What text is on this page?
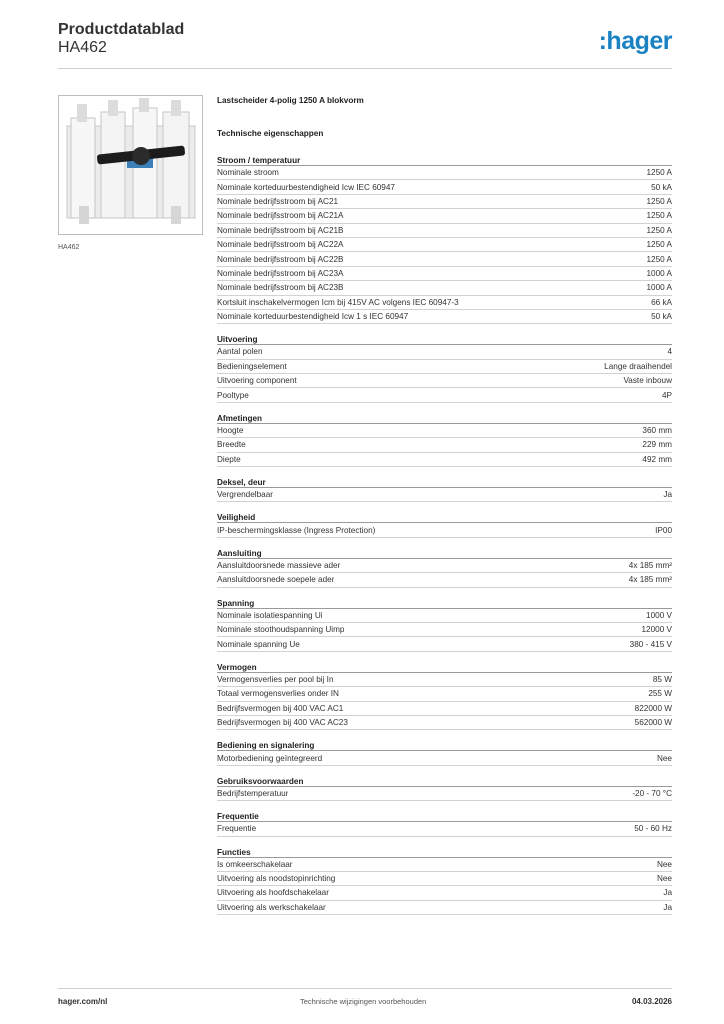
Productdatablad
HA462	:hager
HA462
Lastscheider 4-polig 1250 A blokvorm
Technische eigenschappen
Stroom / temperatuur
Nominale stroom	1250 A
Nominale korteduurbestendigheid Icw IEC 60947	50 kA
Nominale bedrijfsstroom bij AC21	1250 A
Nominale bedrijfsstroom bij AC21A	1250 A
Nominale bedrijfsstroom bij AC21B	1250 A
Nominale bedrijfsstroom bij AC22A	1250 A
Nominale bedrijfsstroom bij AC22B	1250 A
Nominale bedrijfsstroom bij AC23A	1000 A
Nominale bedrijfsstroom bij AC23B	1000 A
Kortsluit inschakelvermogen Icm bij 415V AC volgens IEC 60947-3	66 kA
Nominale korteduurbestendigheid Icw 1 s IEC 60947	50 kA
Uitvoering
Aantal polen	4
Bedieningselement	Lange draaihendel
Uitvoering component	Vaste inbouw
Pooltype	4P
Afmetingen
Hoogte	360 mm
Breedte	229 mm
Diepte	492 mm
Deksel, deur
Vergrendelbaar	Ja
Veiligheid
IP-beschermingsklasse (Ingress Protection)	IP00
Aansluiting
Aansluitdoorsnede massieve ader	4x 185 mm²
Aansluitdoorsnede soepele ader	4x 185 mm²
Spanning
Nominale isolatiespanning Ui	1000 V
Nominale stoothoudspanning Uimp	12000 V
Nominale spanning Ue	380 - 415 V
Vermogen
Vermogensverlies per pool bij In	85 W
Totaal vermogensverlies onder IN	255 W
Bedrijfsvermogen bij 400 VAC AC1	822000 W
Bedrijfsvermogen bij 400 VAC AC23	562000 W
Bediening en signalering
Motorbediening geïntegreerd	Nee
Gebruiksvoorwaarden
Bedrijfstemperatuur	-20 - 70 °C
Frequentie
Frequentie	50 - 60 Hz
Functies
Is omkeerschakelaar	Nee
Uitvoering als noodstopinrichting	Nee
Uitvoering als hoofdschakelaar	Ja
Uitvoering als werkschakelaar	Ja
hager.com/nl	Technische wijzigingen voorbehouden	04.03.2026
